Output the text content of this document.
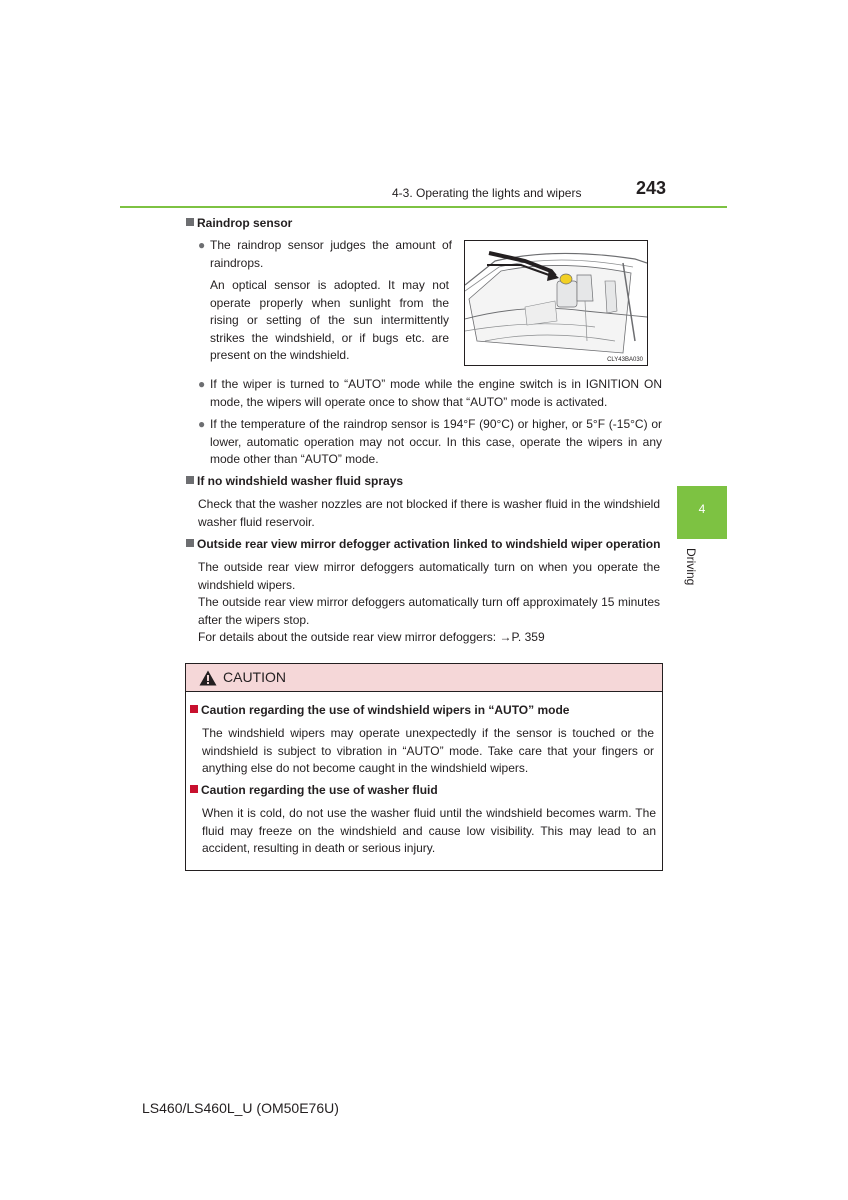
4-3. Operating the lights and wipers	243
4
Driving
Raindrop sensor
● The raindrop sensor judges the amount of
raindrops.
An optical sensor is adopted. It may not operate properly when sunlight from the rising or setting of the sun intermittently strikes the windshield, or if bugs etc. are present on the windshield.	CLY43BA030
● If the wiper is turned to “AUTO” mode while the engine switch is in IGNITION ON mode, the wipers will operate once to show that “AUTO” mode is activated.
● If the temperature of the raindrop sensor is 194°F (90°C) or higher, or 5°F (-15°C) or lower, automatic operation may not occur. In this case, operate the wipers in any mode other than “AUTO” mode.
If no windshield washer fluid sprays
Check that the washer nozzles are not blocked if there is washer fluid in the windshield washer fluid reservoir.
Outside rear view mirror defogger activation linked to windshield wiper operation
The outside rear view mirror defoggers automatically turn on when you operate the windshield wipers.
The outside rear view mirror defoggers automatically turn off approximately 15 minutes after the wipers stop.
For details about the outside rear view mirror defoggers: →P. 359
CAUTION
Caution regarding the use of windshield wipers in “AUTO” mode
The windshield wipers may operate unexpectedly if the sensor is touched or the windshield is subject to vibration in “AUTO” mode. Take care that your fingers or anything else do not become caught in the windshield wipers.
Caution regarding the use of washer fluid
When it is cold, do not use the washer fluid until the windshield becomes warm. The fluid may freeze on the windshield and cause low visibility. This may lead to an accident, resulting in death or serious injury.
LS460/LS460L_U (OM50E76U)
